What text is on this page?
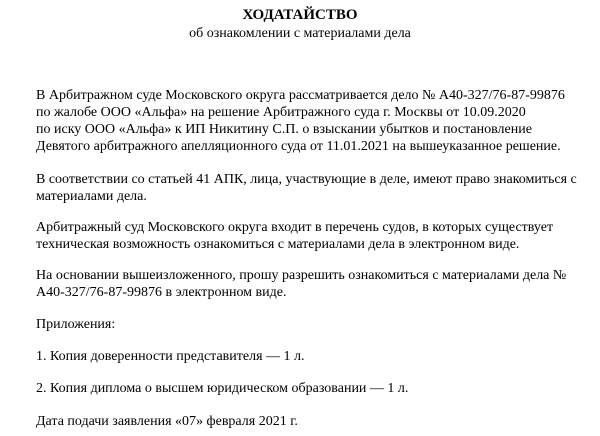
ХОДАТАЙСТВО
об ознакомлении с материалами дела
В Арбитражном суде Московского округа рассматривается дело № А40-327/76-87-99876
по жалобе ООО «Альфа» на решение Арбитражного суда г. Москвы от 10.09.2020
по иску ООО «Альфа» к ИП Никитину С.П. о взыскании убытков и постановление
Девятого арбитражного апелляционного суда от 11.01.2021 на вышеуказанное решение.
В соответствии со статьей 41 АПК, лица, участвующие в деле, имеют право знакомиться с
материалами дела.
Арбитражный суд Московского округа входит в перечень судов, в которых существует
техническая возможность ознакомиться с материалами дела в электронном виде.
На основании вышеизложенного, прошу разрешить ознакомиться с материалами дела №
А40-327/76-87-99876 в электронном виде.
Приложения:
1. Копия доверенности представителя — 1 л.
2. Копия диплома о высшем юридическом образовании — 1 л.
Дата подачи заявления «07» февраля 2021 г.
